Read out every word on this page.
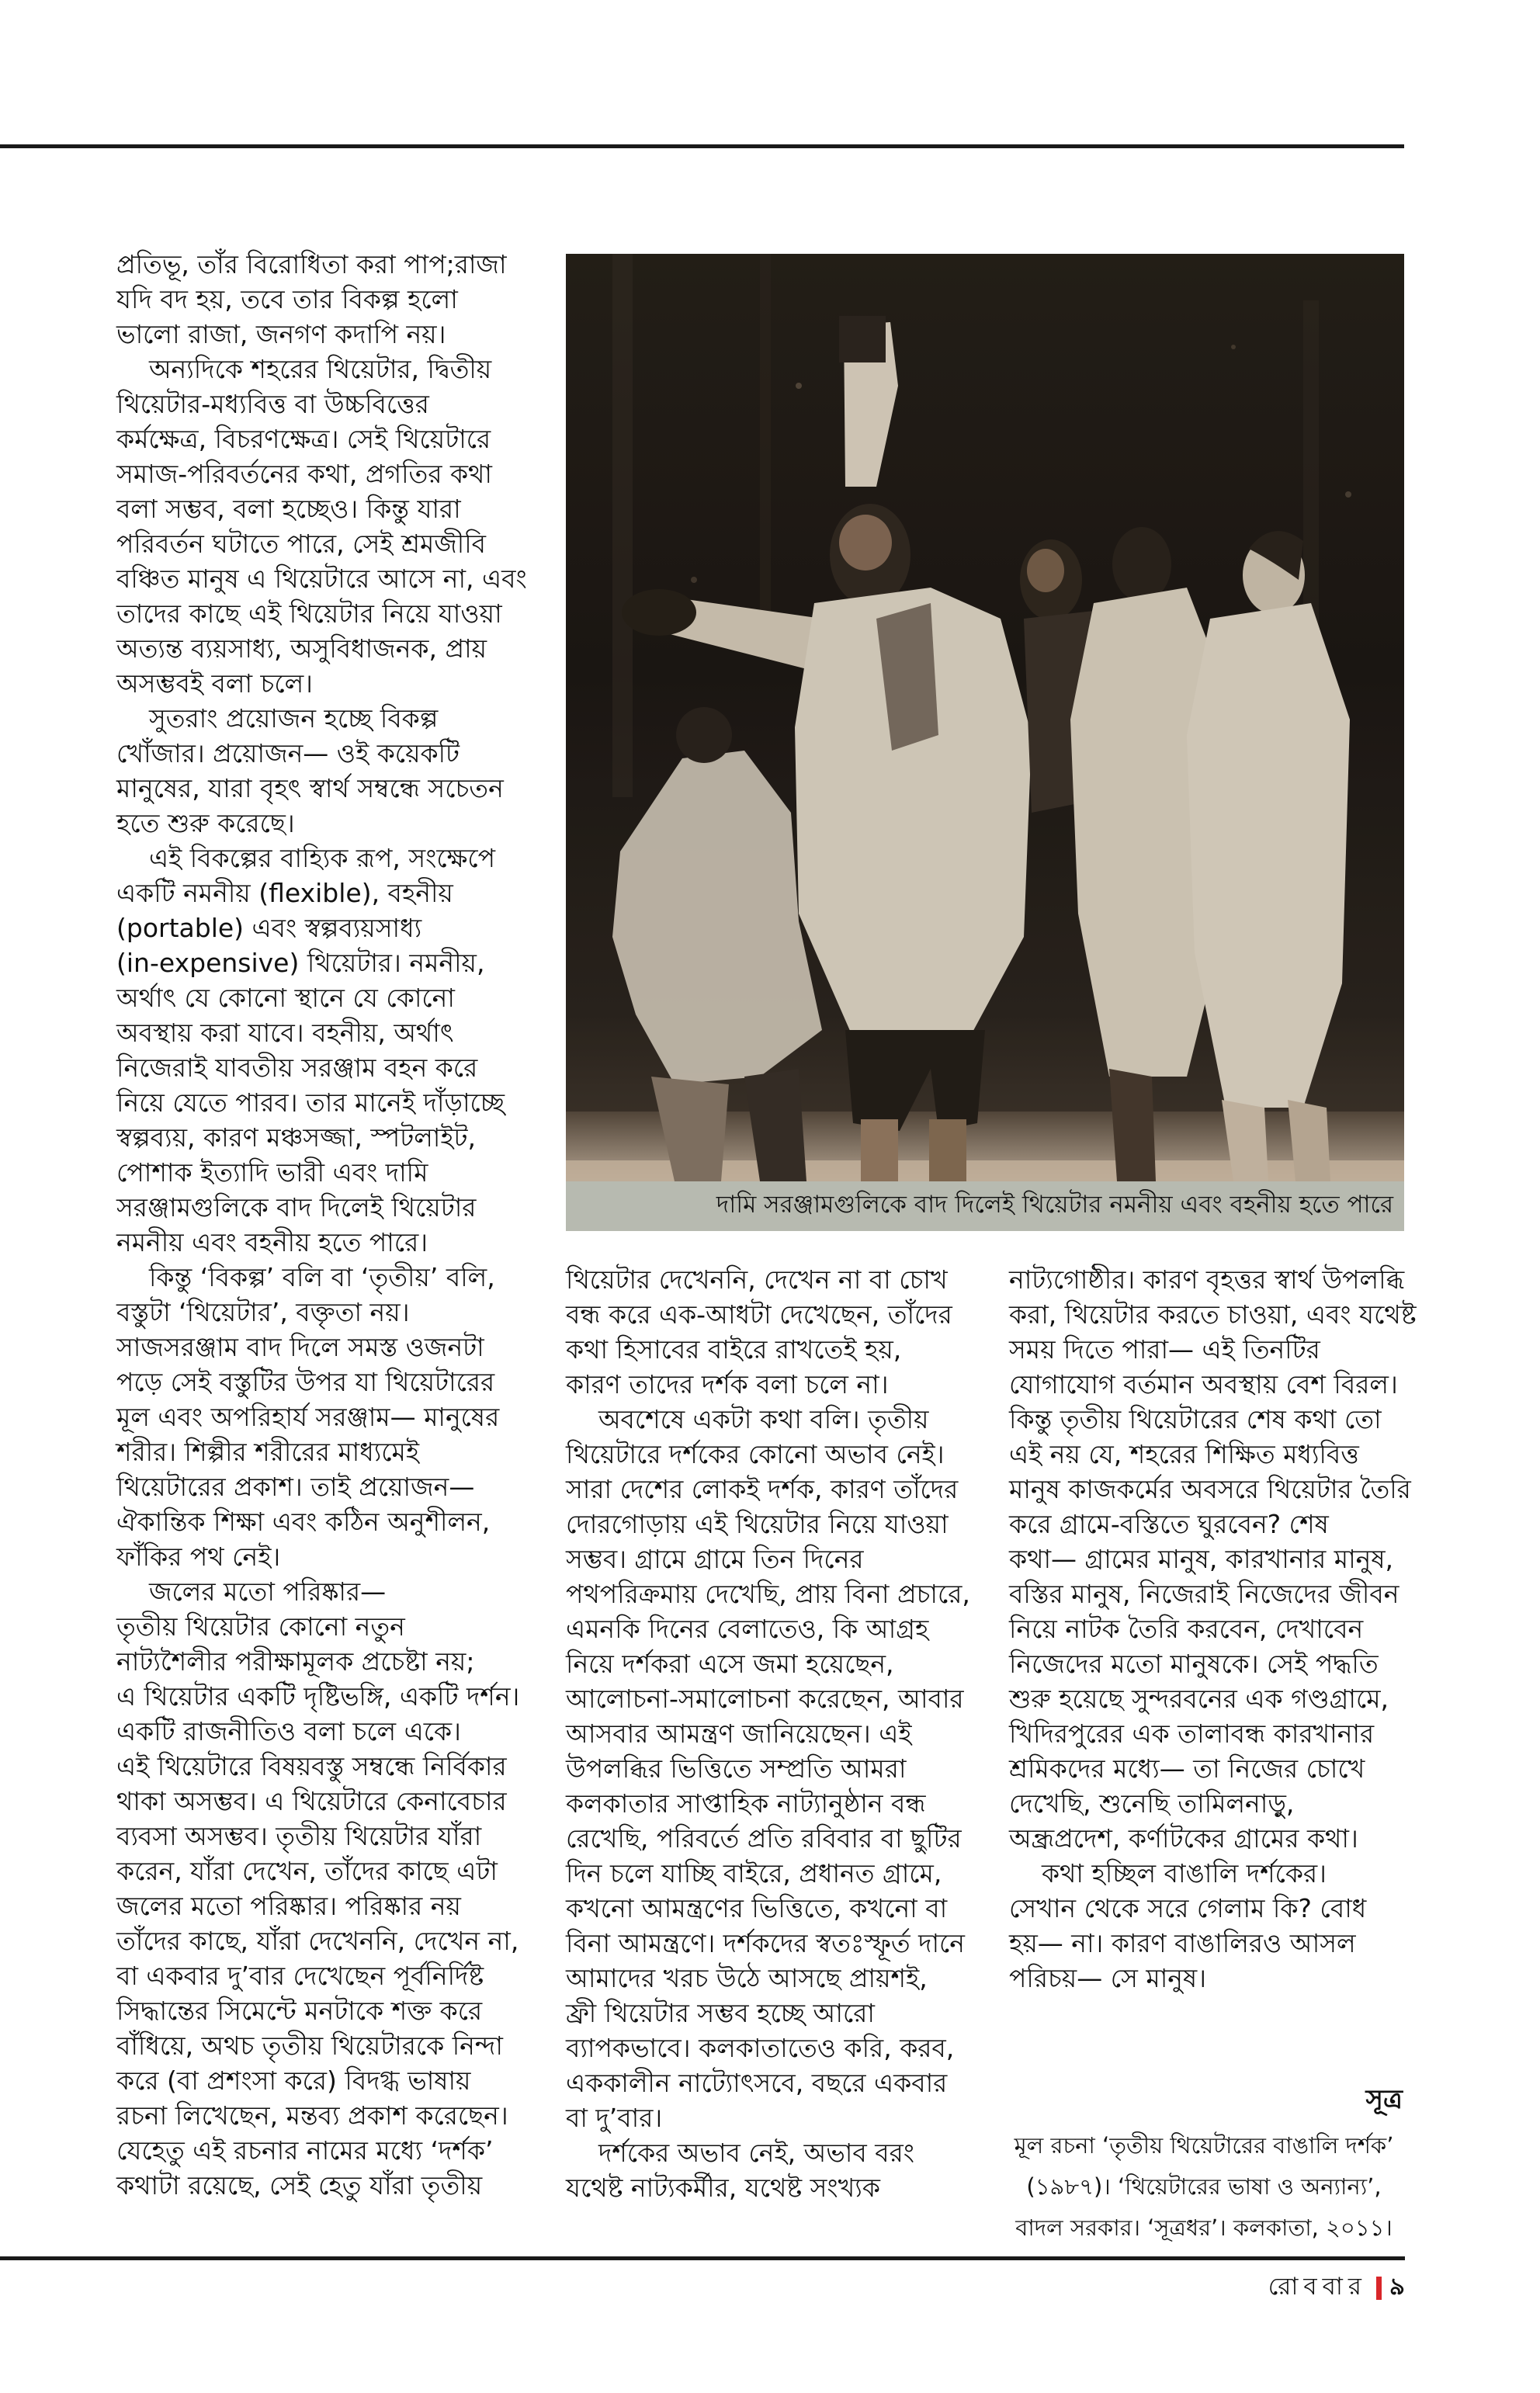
প্রতিভূ, তাঁর বিরোধিতা করা পাপ;রাজা
যদি বদ হয়, তবে তার বিকল্প হলো
ভালো রাজা, জনগণ কদাপি নয়।
অন্যদিকে শহরের থিয়েটার, দ্বিতীয়
থিয়েটার-মধ্যবিত্ত বা উচ্চবিত্তের
কর্মক্ষেত্র, বিচরণক্ষেত্র। সেই থিয়েটারে
সমাজ-পরিবর্তনের কথা, প্রগতির কথা
বলা সম্ভব, বলা হচ্ছেও। কিন্তু যারা
পরিবর্তন ঘটাতে পারে, সেই শ্রমজীবি
বঞ্চিত মানুষ এ থিয়েটারে আসে না, এবং
তাদের কাছে এই থিয়েটার নিয়ে যাওয়া
অত্যন্ত ব্যয়সাধ্য, অসুবিধাজনক, প্রায়
অসম্ভবই বলা চলে।
সুতরাং প্রয়োজন হচ্ছে বিকল্প
খোঁজার। প্রয়োজন— ওই কয়েকটি
মানুষের, যারা বৃহৎ স্বার্থ সম্বন্ধে সচেতন
হতে শুরু করেছে।
এই বিকল্পের বাহ্যিক রূপ, সংক্ষেপে
একটি নমনীয় (flexible), বহনীয়
(portable) এবং স্বল্পব্যয়সাধ্য
(in-expensive) থিয়েটার। নমনীয়,
অর্থাৎ যে কোনো স্থানে যে কোনো
অবস্থায় করা যাবে। বহনীয়, অর্থাৎ
নিজেরাই যাবতীয় সরঞ্জাম বহন করে
নিয়ে যেতে পারব। তার মানেই দাঁড়াচ্ছে
স্বল্পব্যয়, কারণ মঞ্চসজ্জা, স্পটলাইট,
পোশাক ইত্যাদি ভারী এবং দামি
সরঞ্জামগুলিকে বাদ দিলেই থিয়েটার
নমনীয় এবং বহনীয় হতে পারে।
কিন্তু ‘বিকল্প’ বলি বা ‘তৃতীয়’ বলি,
বস্তুটা ‘থিয়েটার’, বক্তৃতা নয়।
সাজসরঞ্জাম বাদ দিলে সমস্ত ওজনটা
পড়ে সেই বস্তুটির উপর যা থিয়েটারের
মূল এবং অপরিহার্য সরঞ্জাম— মানুষের
শরীর। শিল্পীর শরীরের মাধ্যমেই
থিয়েটারের প্রকাশ। তাই প্রয়োজন—
ঐকান্তিক শিক্ষা এবং কঠিন অনুশীলন,
ফাঁকির পথ নেই।
জলের মতো পরিষ্কার—
তৃতীয় থিয়েটার কোনো নতুন
নাট্যশৈলীর পরীক্ষামূলক প্রচেষ্টা নয়;
এ থিয়েটার একটি দৃষ্টিভঙ্গি, একটি দর্শন।
একটি রাজনীতিও বলা চলে একে।
এই থিয়েটারে বিষয়বস্তু সম্বন্ধে নির্বিকার
থাকা অসম্ভব। এ থিয়েটারে কেনাবেচার
ব্যবসা অসম্ভব। তৃতীয় থিয়েটার যাঁরা
করেন, যাঁরা দেখেন, তাঁদের কাছে এটা
জলের মতো পরিষ্কার। পরিষ্কার নয়
তাঁদের কাছে, যাঁরা দেখেননি, দেখেন না,
বা একবার দু’বার দেখেছেন পূর্বনির্দিষ্ট
সিদ্ধান্তের সিমেন্টে মনটাকে শক্ত করে
বাঁধিয়ে, অথচ তৃতীয় থিয়েটারকে নিন্দা
করে (বা প্রশংসা করে) বিদগ্ধ ভাষায়
রচনা লিখেছেন, মন্তব্য প্রকাশ করেছেন।
যেহেতু এই রচনার নামের মধ্যে ‘দর্শক’
কথাটা রয়েছে, সেই হেতু যাঁরা তৃতীয়
দামি সরঞ্জামগুলিকে বাদ দিলেই থিয়েটার নমনীয় এবং বহনীয় হতে পারে
থিয়েটার দেখেননি, দেখেন না বা চোখ
বন্ধ করে এক-আধটা দেখেছেন, তাঁদের
কথা হিসাবের বাইরে রাখতেই হয়,
কারণ তাদের দর্শক বলা চলে না।
অবশেষে একটা কথা বলি। তৃতীয়
থিয়েটারে দর্শকের কোনো অভাব নেই।
সারা দেশের লোকই দর্শক, কারণ তাঁদের
দোরগোড়ায় এই থিয়েটার নিয়ে যাওয়া
সম্ভব। গ্রামে গ্রামে তিন দিনের
পথপরিক্রমায় দেখেছি, প্রায় বিনা প্রচারে,
এমনকি দিনের বেলাতেও, কি আগ্রহ
নিয়ে দর্শকরা এসে জমা হয়েছেন,
আলোচনা-সমালোচনা করেছেন, আবার
আসবার আমন্ত্রণ জানিয়েছেন। এই
উপলব্ধির ভিত্তিতে সম্প্রতি আমরা
কলকাতার সাপ্তাহিক নাট্যানুষ্ঠান বন্ধ
রেখেছি, পরিবর্তে প্রতি রবিবার বা ছুটির
দিন চলে যাচ্ছি বাইরে, প্রধানত গ্রামে,
কখনো আমন্ত্রণের ভিত্তিতে, কখনো বা
বিনা আমন্ত্রণে। দর্শকদের স্বতঃস্ফূর্ত দানে
আমাদের খরচ উঠে আসছে প্রায়শই,
ফ্রী থিয়েটার সম্ভব হচ্ছে আরো
ব্যাপকভাবে। কলকাতাতেও করি, করব,
এককালীন নাট্যোৎসবে, বছরে একবার
বা দু’বার।
দর্শকের অভাব নেই, অভাব বরং
যথেষ্ট নাট্যকর্মীর, যথেষ্ট সংখ্যক
নাট্যগোষ্ঠীর। কারণ বৃহত্তর স্বার্থ উপলব্ধি
করা, থিয়েটার করতে চাওয়া, এবং যথেষ্ট
সময় দিতে পারা— এই তিনটির
যোগাযোগ বর্তমান অবস্থায় বেশ বিরল।
কিন্তু তৃতীয় থিয়েটারের শেষ কথা তো
এই নয় যে, শহরের শিক্ষিত মধ্যবিত্ত
মানুষ কাজকর্মের অবসরে থিয়েটার তৈরি
করে গ্রামে-বস্তিতে ঘুরবেন? শেষ
কথা— গ্রামের মানুষ, কারখানার মানুষ,
বস্তির মানুষ, নিজেরাই নিজেদের জীবন
নিয়ে নাটক তৈরি করবেন, দেখাবেন
নিজেদের মতো মানুষকে। সেই পদ্ধতি
শুরু হয়েছে সুন্দরবনের এক গণ্ডগ্রামে,
খিদিরপুরের এক তালাবন্ধ কারখানার
শ্রমিকদের মধ্যে— তা নিজের চোখে
দেখেছি, শুনেছি তামিলনাড়ু,
অন্ধ্রপ্রদেশ, কর্ণাটকের গ্রামের কথা।
কথা হচ্ছিল বাঙালি দর্শকের।
সেখান থেকে সরে গেলাম কি? বোধ
হয়— না। কারণ বাঙালিরও আসল
পরিচয়— সে মানুষ।
সূত্র
মূল রচনা ‘তৃতীয় থিয়েটারের বাঙালি দর্শক’
(১৯৮৭)। ‘থিয়েটারের ভাষা ও অন্যান্য’,
বাদল সরকার। ‘সূত্রধর’। কলকাতা, ২০১১।
রোববার ৯
